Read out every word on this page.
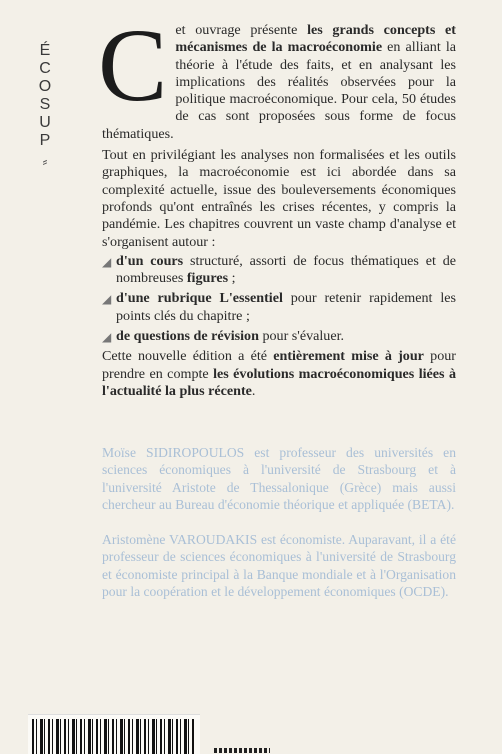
É
C
O
S
U
P
⸗

C et ouvrage présente les grands concepts et mécanismes de la macroéconomie en alliant la théorie à l'étude des faits, et en analysant les implications des réalités observées pour la politique macroéconomique. Pour cela, 50 études de cas sont proposées sous forme de focus thématiques.

Tout en privilégiant les analyses non formalisées et les outils graphiques, la macroéconomie est ici abordée dans sa complexité actuelle, issue des bouleversements économiques profonds qu'ont entraînés les crises récentes, y compris la pandémie. Les chapitres couvrent un vaste champ d'analyse et s'organisent autour :

◢ d'un cours structuré, assorti de focus thématiques et de nombreuses figures ;
◢ d'une rubrique L'essentiel pour retenir rapidement les points clés du chapitre ;
◢ de questions de révision pour s'évaluer.

Cette nouvelle édition a été entièrement mise à jour pour prendre en compte les évolutions macroéconomiques liées à l'actualité la plus récente.

Moïse SIDIROPOULOS est professeur des universités en sciences économiques à l'université de Strasbourg et à l'université Aristote de Thessalonique (Grèce) mais aussi chercheur au Bureau d'économie théorique et appliquée (BETA).

Aristomène VAROUDAKIS est économiste. Auparavant, il a été professeur de sciences économiques à l'université de Strasbourg et économiste principal à la Banque mondiale et à l'Organisation pour la coopération et le développement économiques (OCDE).
